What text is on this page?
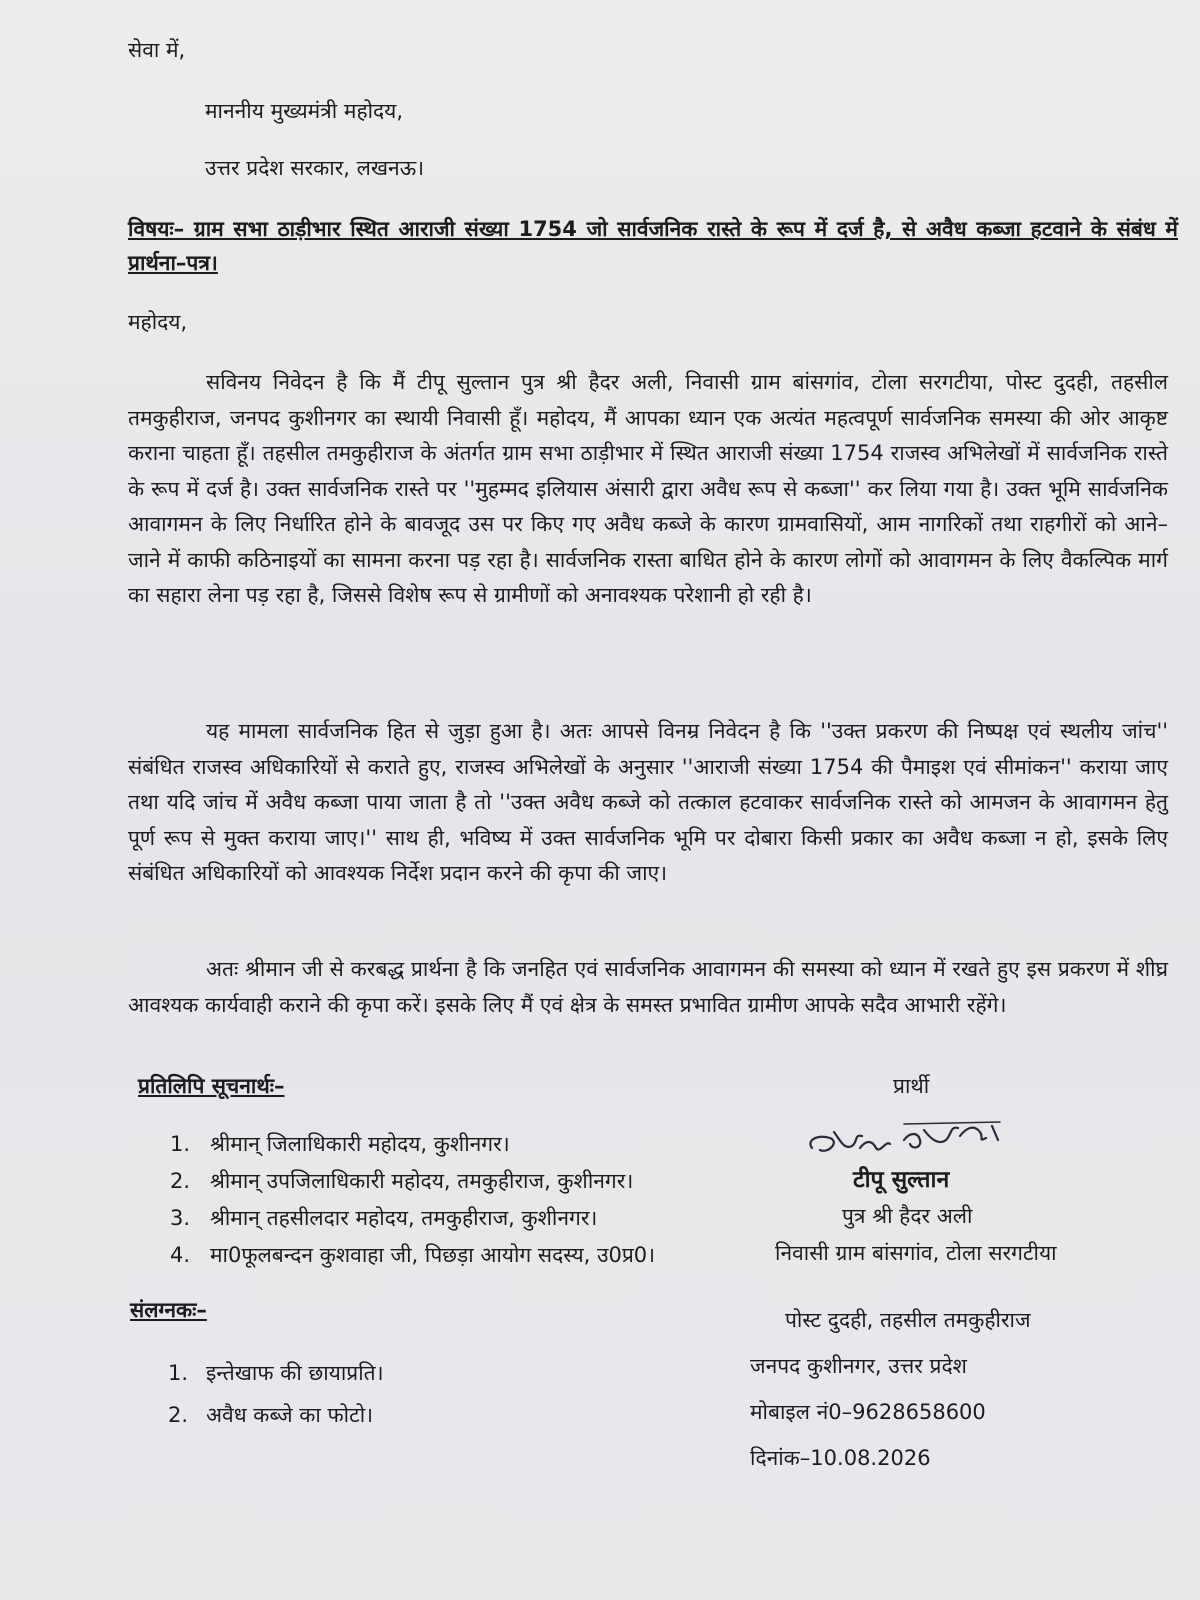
सेवा में,
माननीय मुख्यमंत्री महोदय,
उत्तर प्रदेश सरकार, लखनऊ।
विषयः– ग्राम सभा ठाड़ीभार स्थित आराजी संख्या 1754 जो सार्वजनिक रास्ते के रूप में दर्ज है, से अवैध कब्जा हटवाने के संबंध में प्रार्थना–पत्र।
महोदय,

सविनय निवेदन है कि मैं टीपू सुल्तान पुत्र श्री हैदर अली, निवासी ग्राम बांसगांव, टोला सरगटीया, पोस्ट दुदही, तहसील तमकुहीराज, जनपद कुशीनगर का स्थायी निवासी हूँ। महोदय, मैं आपका ध्यान एक अत्यंत महत्वपूर्ण सार्वजनिक समस्या की ओर आकृष्ट कराना चाहता हूँ। तहसील तमकुहीराज के अंतर्गत ग्राम सभा ठाड़ीभार में स्थित आराजी संख्या 1754 राजस्व अभिलेखों में सार्वजनिक रास्ते के रूप में दर्ज है। उक्त सार्वजनिक रास्ते पर ''मुहम्मद इलियास अंसारी द्वारा अवैध रूप से कब्जा'' कर लिया गया है। उक्त भूमि सार्वजनिक आवागमन के लिए निर्धारित होने के बावजूद उस पर किए गए अवैध कब्जे के कारण ग्रामवासियों, आम नागरिकों तथा राहगीरों को आने–जाने में काफी कठिनाइयों का सामना करना पड़ रहा है। सार्वजनिक रास्ता बाधित होने के कारण लोगों को आवागमन के लिए वैकल्पिक मार्ग का सहारा लेना पड़ रहा है, जिससे विशेष रूप से ग्रामीणों को अनावश्यक परेशानी हो रही है।

यह मामला सार्वजनिक हित से जुड़ा हुआ है। अतः आपसे विनम्र निवेदन है कि ''उक्त प्रकरण की निष्पक्ष एवं स्थलीय जांच'' संबंधित राजस्व अधिकारियों से कराते हुए, राजस्व अभिलेखों के अनुसार ''आराजी संख्या 1754 की पैमाइश एवं सीमांकन'' कराया जाए तथा यदि जांच में अवैध कब्जा पाया जाता है तो ''उक्त अवैध कब्जे को तत्काल हटवाकर सार्वजनिक रास्ते को आमजन के आवागमन हेतु पूर्ण रूप से मुक्त कराया जाए।'' साथ ही, भविष्य में उक्त सार्वजनिक भूमि पर दोबारा किसी प्रकार का अवैध कब्जा न हो, इसके लिए संबंधित अधिकारियों को आवश्यक निर्देश प्रदान करने की कृपा की जाए।

अतः श्रीमान जी से करबद्ध प्रार्थना है कि जनहित एवं सार्वजनिक आवागमन की समस्या को ध्यान में रखते हुए इस प्रकरण में शीघ्र आवश्यक कार्यवाही कराने की कृपा करें। इसके लिए मैं एवं क्षेत्र के समस्त प्रभावित ग्रामीण आपके सदैव आभारी रहेंगे।

प्रतिलिपि सूचनार्थः–	प्रार्थी
1. श्रीमान् जिलाधिकारी महोदय, कुशीनगर।
2. श्रीमान् उपजिलाधिकारी महोदय, तमकुहीराज, कुशीनगर।
3. श्रीमान् तहसीलदार महोदय, तमकुहीराज, कुशीनगर।
4. मा0फूलबन्दन कुशवाहा जी, पिछड़ा आयोग सदस्य, उ0प्र0।
टीपू सुल्तान
पुत्र श्री हैदर अली
निवासी ग्राम बांसगांव, टोला सरगटीया
संलग्नकः–
1. इन्तेखाफ की छायाप्रति।
2. अवैध कब्जे का फोटो।
पोस्ट दुदही, तहसील तमकुहीराज
जनपद कुशीनगर, उत्तर प्रदेश
मोबाइल नं0–9628658600
दिनांक–10.08.2026
